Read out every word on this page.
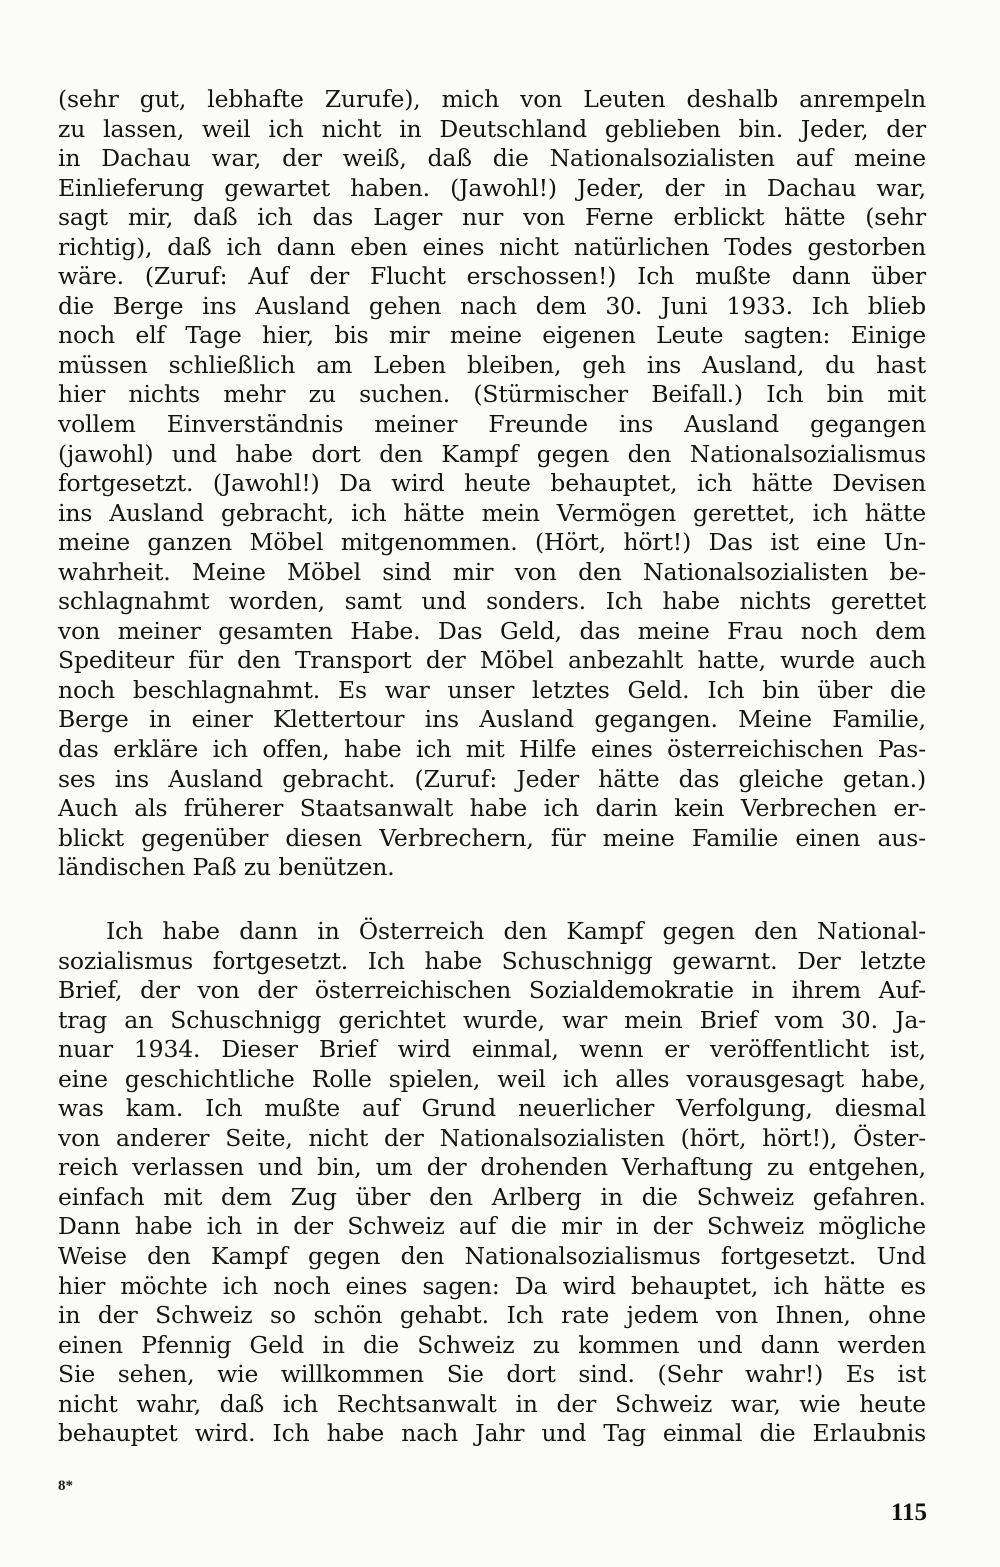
(sehr gut, lebhafte Zurufe), mich von Leuten deshalb anrempeln
zu lassen, weil ich nicht in Deutschland geblieben bin. Jeder, der
in Dachau war, der weiß, daß die Nationalsozialisten auf meine
Einlieferung gewartet haben. (Jawohl!) Jeder, der in Dachau war,
sagt mir, daß ich das Lager nur von Ferne erblickt hätte (sehr
richtig), daß ich dann eben eines nicht natürlichen Todes gestorben
wäre. (Zuruf: Auf der Flucht erschossen!) Ich mußte dann über
die Berge ins Ausland gehen nach dem 30. Juni 1933. Ich blieb
noch elf Tage hier, bis mir meine eigenen Leute sagten: Einige
müssen schließlich am Leben bleiben, geh ins Ausland, du hast
hier nichts mehr zu suchen. (Stürmischer Beifall.) Ich bin mit
vollem Einverständnis meiner Freunde ins Ausland gegangen
(jawohl) und habe dort den Kampf gegen den Nationalsozialismus
fortgesetzt. (Jawohl!) Da wird heute behauptet, ich hätte Devisen
ins Ausland gebracht, ich hätte mein Vermögen gerettet, ich hätte
meine ganzen Möbel mitgenommen. (Hört, hört!) Das ist eine Un-
wahrheit. Meine Möbel sind mir von den Nationalsozialisten be-
schlagnahmt worden, samt und sonders. Ich habe nichts gerettet
von meiner gesamten Habe. Das Geld, das meine Frau noch dem
Spediteur für den Transport der Möbel anbezahlt hatte, wurde auch
noch beschlagnahmt. Es war unser letztes Geld. Ich bin über die
Berge in einer Klettertour ins Ausland gegangen. Meine Familie,
das erkläre ich offen, habe ich mit Hilfe eines österreichischen Pas-
ses ins Ausland gebracht. (Zuruf: Jeder hätte das gleiche getan.)
Auch als früherer Staatsanwalt habe ich darin kein Verbrechen er-
blickt gegenüber diesen Verbrechern, für meine Familie einen aus-
ländischen Paß zu benützen.
Ich habe dann in Österreich den Kampf gegen den National-
sozialismus fortgesetzt. Ich habe Schuschnigg gewarnt. Der letzte
Brief, der von der österreichischen Sozialdemokratie in ihrem Auf-
trag an Schuschnigg gerichtet wurde, war mein Brief vom 30. Ja-
nuar 1934. Dieser Brief wird einmal, wenn er veröffentlicht ist,
eine geschichtliche Rolle spielen, weil ich alles vorausgesagt habe,
was kam. Ich mußte auf Grund neuerlicher Verfolgung, diesmal
von anderer Seite, nicht der Nationalsozialisten (hört, hört!), Öster-
reich verlassen und bin, um der drohenden Verhaftung zu entgehen,
einfach mit dem Zug über den Arlberg in die Schweiz gefahren.
Dann habe ich in der Schweiz auf die mir in der Schweiz mögliche
Weise den Kampf gegen den Nationalsozialismus fortgesetzt. Und
hier möchte ich noch eines sagen: Da wird behauptet, ich hätte es
in der Schweiz so schön gehabt. Ich rate jedem von Ihnen, ohne
einen Pfennig Geld in die Schweiz zu kommen und dann werden
Sie sehen, wie willkommen Sie dort sind. (Sehr wahr!) Es ist
nicht wahr, daß ich Rechtsanwalt in der Schweiz war, wie heute
behauptet wird. Ich habe nach Jahr und Tag einmal die Erlaubnis
8*
115
